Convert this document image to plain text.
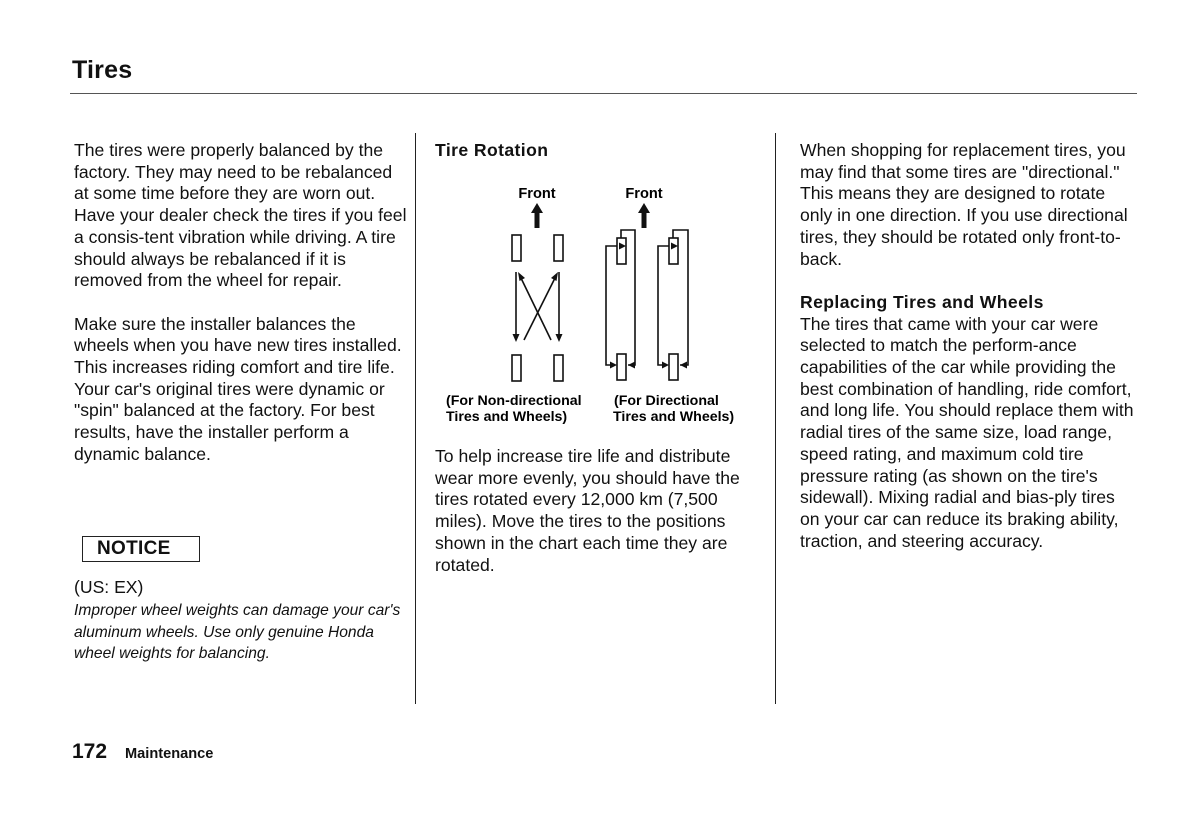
Tires

The tires were properly balanced by the factory. They may need to be rebalanced at some time before they are worn out. Have your dealer check the tires if you feel a consis-tent vibration while driving. A tire should always be rebalanced if it is removed from the wheel for repair.

Make sure the installer balances the wheels when you have new tires installed. This increases riding comfort and tire life. Your car's original tires were dynamic or "spin" balanced at the factory. For best results, have the installer perform a dynamic balance.

NOTICE
(US: EX)
Improper wheel weights can damage your car's aluminum wheels. Use only genuine Honda wheel weights for balancing.

Tire Rotation

Front	Front
(For Non-directional
Tires and Wheels)
(For Directional
Tires and Wheels)

To help increase tire life and distribute wear more evenly, you should have the tires rotated every 12,000 km (7,500 miles). Move the tires to the positions shown in the chart each time they are rotated.

When shopping for replacement tires, you may find that some tires are "directional." This means they are designed to rotate only in one direction. If you use directional tires, they should be rotated only front-to-back.

Replacing Tires and Wheels

The tires that came with your car were selected to match the perform-ance capabilities of the car while providing the best combination of handling, ride comfort, and long life. You should replace them with radial tires of the same size, load range, speed rating, and maximum cold tire pressure rating (as shown on the tire's sidewall). Mixing radial and bias-ply tires on your car can reduce its braking ability, traction, and steering accuracy.

172 Maintenance
